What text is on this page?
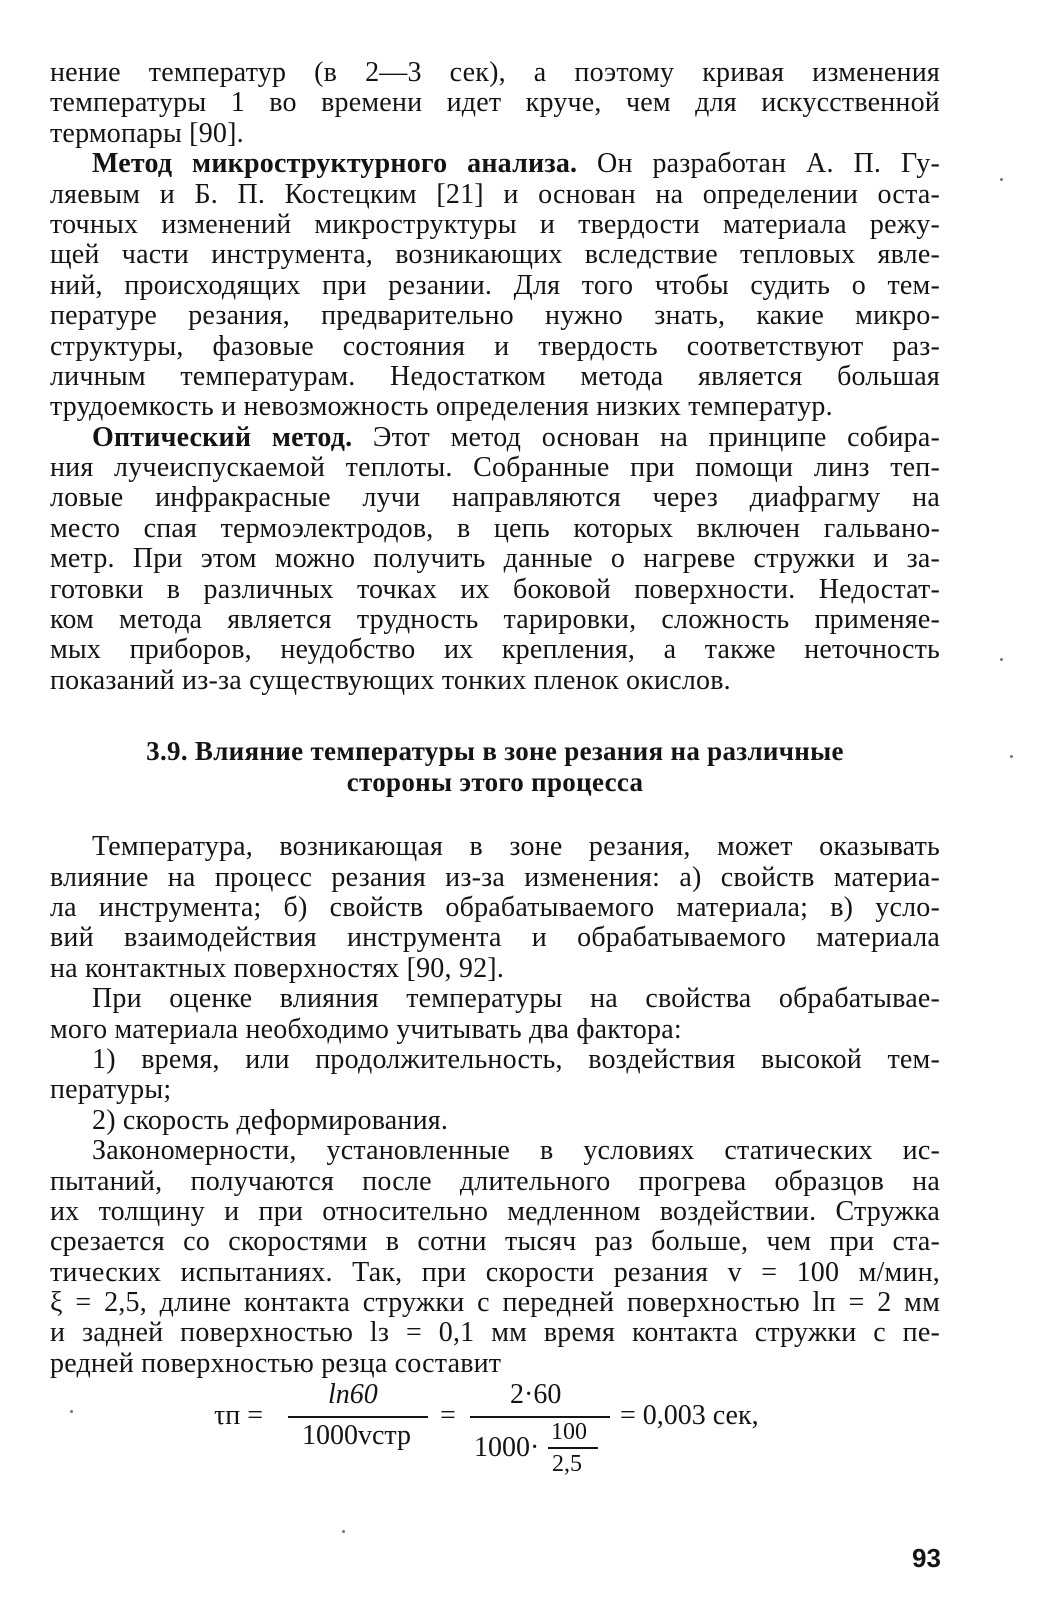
нение температур (в 2—3 сек), а поэтому кривая изменения
температуры 1 во времени идет круче, чем для искусственной
термопары [90].
Метод микроструктурного анализа. Он разработан А. П. Гу-
ляевым и Б. П. Костецким [21] и основан на определении оста-
точных изменений микроструктуры и твердости материала режу-
щей части инструмента, возникающих вследствие тепловых явле-
ний, происходящих при резании. Для того чтобы судить о тем-
пературе резания, предварительно нужно знать, какие микро-
структуры, фазовые состояния и твердость соответствуют раз-
личным температурам. Недостатком метода является большая
трудоемкость и невозможность определения низких температур.
Оптический метод. Этот метод основан на принципе собира-
ния лучеиспускаемой теплоты. Собранные при помощи линз теп-
ловые инфракрасные лучи направляются через диафрагму на
место спая термоэлектродов, в цепь которых включен гальвано-
метр. При этом можно получить данные о нагреве стружки и за-
готовки в различных точках их боковой поверхности. Недостат-
ком метода является трудность тарировки, сложность применяе-
мых приборов, неудобство их крепления, а также неточность
показаний из-за существующих тонких пленок окислов.
3.9. Влияние температуры в зоне резания на различные
стороны этого процесса
Температура, возникающая в зоне резания, может оказывать
влияние на процесс резания из-за изменения: а) свойств материа-
ла инструмента; б) свойств обрабатываемого материала; в) усло-
вий взаимодействия инструмента и обрабатываемого материала
на контактных поверхностях [90, 92].
При оценке влияния температуры на свойства обрабатывае-
мого материала необходимо учитывать два фактора:
1) время, или продолжительность, воздействия высокой тем-
пературы;
2) скорость деформирования.
Закономерности, установленные в условиях статических ис-
пытаний, получаются после длительного прогрева образцов на
их толщину и при относительно медленном воздействии. Стружка
срезается со скоростями в сотни тысяч раз больше, чем при ста-
тических испытаниях. Так, при скорости резания v = 100 м/мин,
ξ = 2,5, длине контакта стружки с передней поверхностью lп = 2 мм
и задней поверхностью lз = 0,1 мм время контакта стружки с пе-
редней поверхностью резца составит
τп =
lп60
1000vстр
=
2·60
1000· 100
2,5
= 0,003 сек,
93
